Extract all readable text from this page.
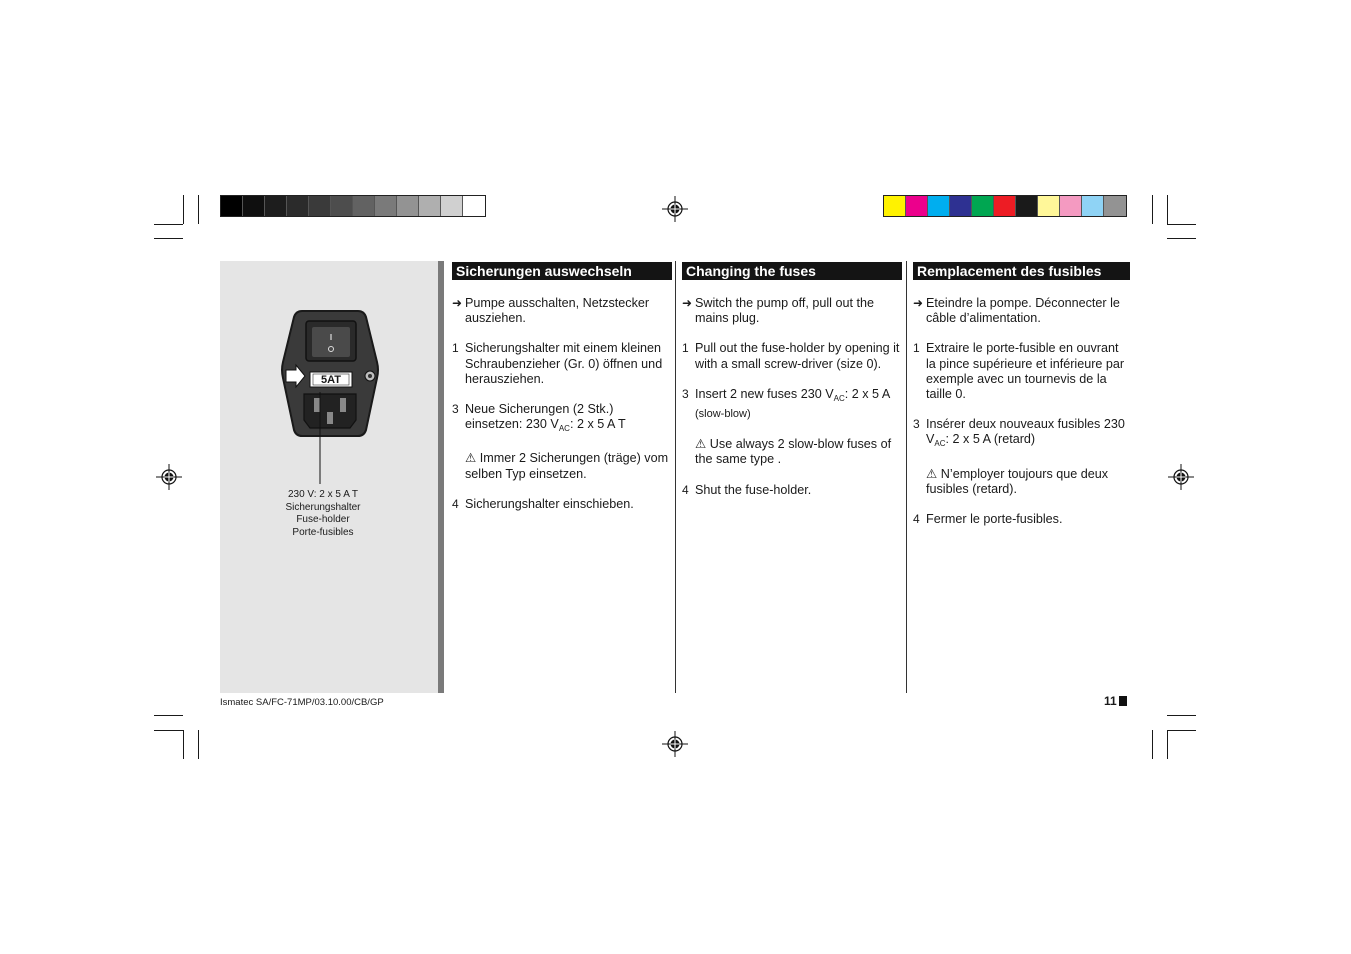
5AT
230 V: 2 x 5 A T
Sicherungshalter
Fuse-holder
Porte-fusibles
Sicherungen auswechseln
➜ Pumpe ausschalten, Netzstecker ausziehen.
1 Sicherungshalter mit einem kleinen Schraubenzieher (Gr. 0) öffnen und herausziehen.
3 Neue Sicherungen (2 Stk.) einsetzen: 230 $V_{AC}$: 2 x 5 A T
⚠ Immer 2 Sicherungen (träge) vom selben Typ einsetzen.
4 Sicherungshalter einschieben.
Changing the fuses
➜ Switch the pump off, pull out the mains plug.
1 Pull out the fuse-holder by opening it with a small screw-driver (size 0).
3 Insert 2 new fuses 230 $V_{AC}$: 2 x 5 A (slow-blow)
⚠ Use always 2 slow-blow fuses of the same type .
4 Shut the fuse-holder.
Remplacement des fusibles
➜ Eteindre la pompe. Déconnecter le câble d’alimentation.
1 Extraire le porte-fusible en ouvrant la pince supérieure et inférieure par exemple avec un tournevis de la taille 0.
3 Insérer deux nouveaux fusibles 230 $V_{AC}$: 2 x 5 A (retard)
⚠ N’employer toujours que deux fusibles (retard).
4 Fermer le porte-fusibles.
Ismatec SA/FC-71MP/03.10.00/CB/GP	11
